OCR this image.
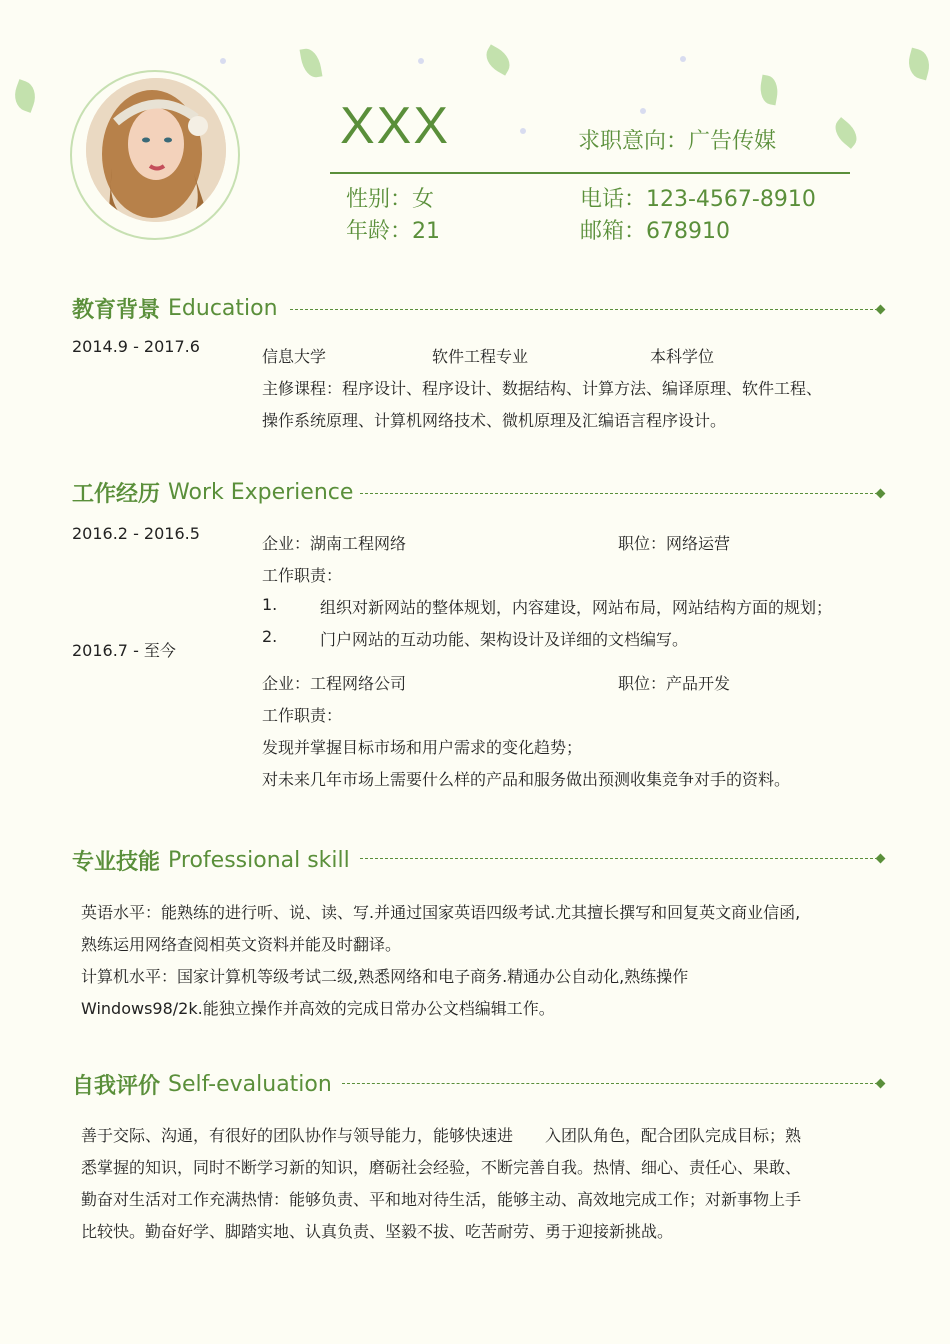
XXX	求职意向：广告传媒
性别：女
年龄：21
电话：123-4567-8910
邮箱：678910
教育背景 Education
2014.9 - 2017.6
信息大学	软件工程专业	本科学位
主修课程：程序设计、程序设计、数据结构、计算方法、编译原理、软件工程、
操作系统原理、计算机网络技术、微机原理及汇编语言程序设计。
工作经历 Work Experience
2016.2 - 2016.5
企业：湖南工程网络	职位：网络运营
工作职责：
1.	组织对新网站的整体规划，内容建设，网站布局，网站结构方面的规划；
2.	门户网站的互动功能、架构设计及详细的文档编写。
2016.7 - 至今
企业：工程网络公司	职位：产品开发
工作职责：
发现并掌握目标市场和用户需求的变化趋势；
对未来几年市场上需要什么样的产品和服务做出预测收集竞争对手的资料。
专业技能 Professional skill
英语水平：能熟练的进行听、说、读、写.并通过国家英语四级考试.尤其擅长撰写和回复英文商业信函,
熟练运用网络查阅相英文资料并能及时翻译。
计算机水平：国家计算机等级考试二级,熟悉网络和电子商务.精通办公自动化,熟练操作
Windows98/2k.能独立操作并高效的完成日常办公文档编辑工作。
自我评价 Self-evaluation
善于交际、沟通，有很好的团队协作与领导能力，能够快速进　　入团队角色，配合团队完成目标；熟
悉掌握的知识，同时不断学习新的知识，磨砺社会经验，不断完善自我。热情、细心、责任心、果敢、
勤奋对生活对工作充满热情：能够负责、平和地对待生活，能够主动、高效地完成工作；对新事物上手
比较快。勤奋好学、脚踏实地、认真负责、坚毅不拔、吃苦耐劳、勇于迎接新挑战。
